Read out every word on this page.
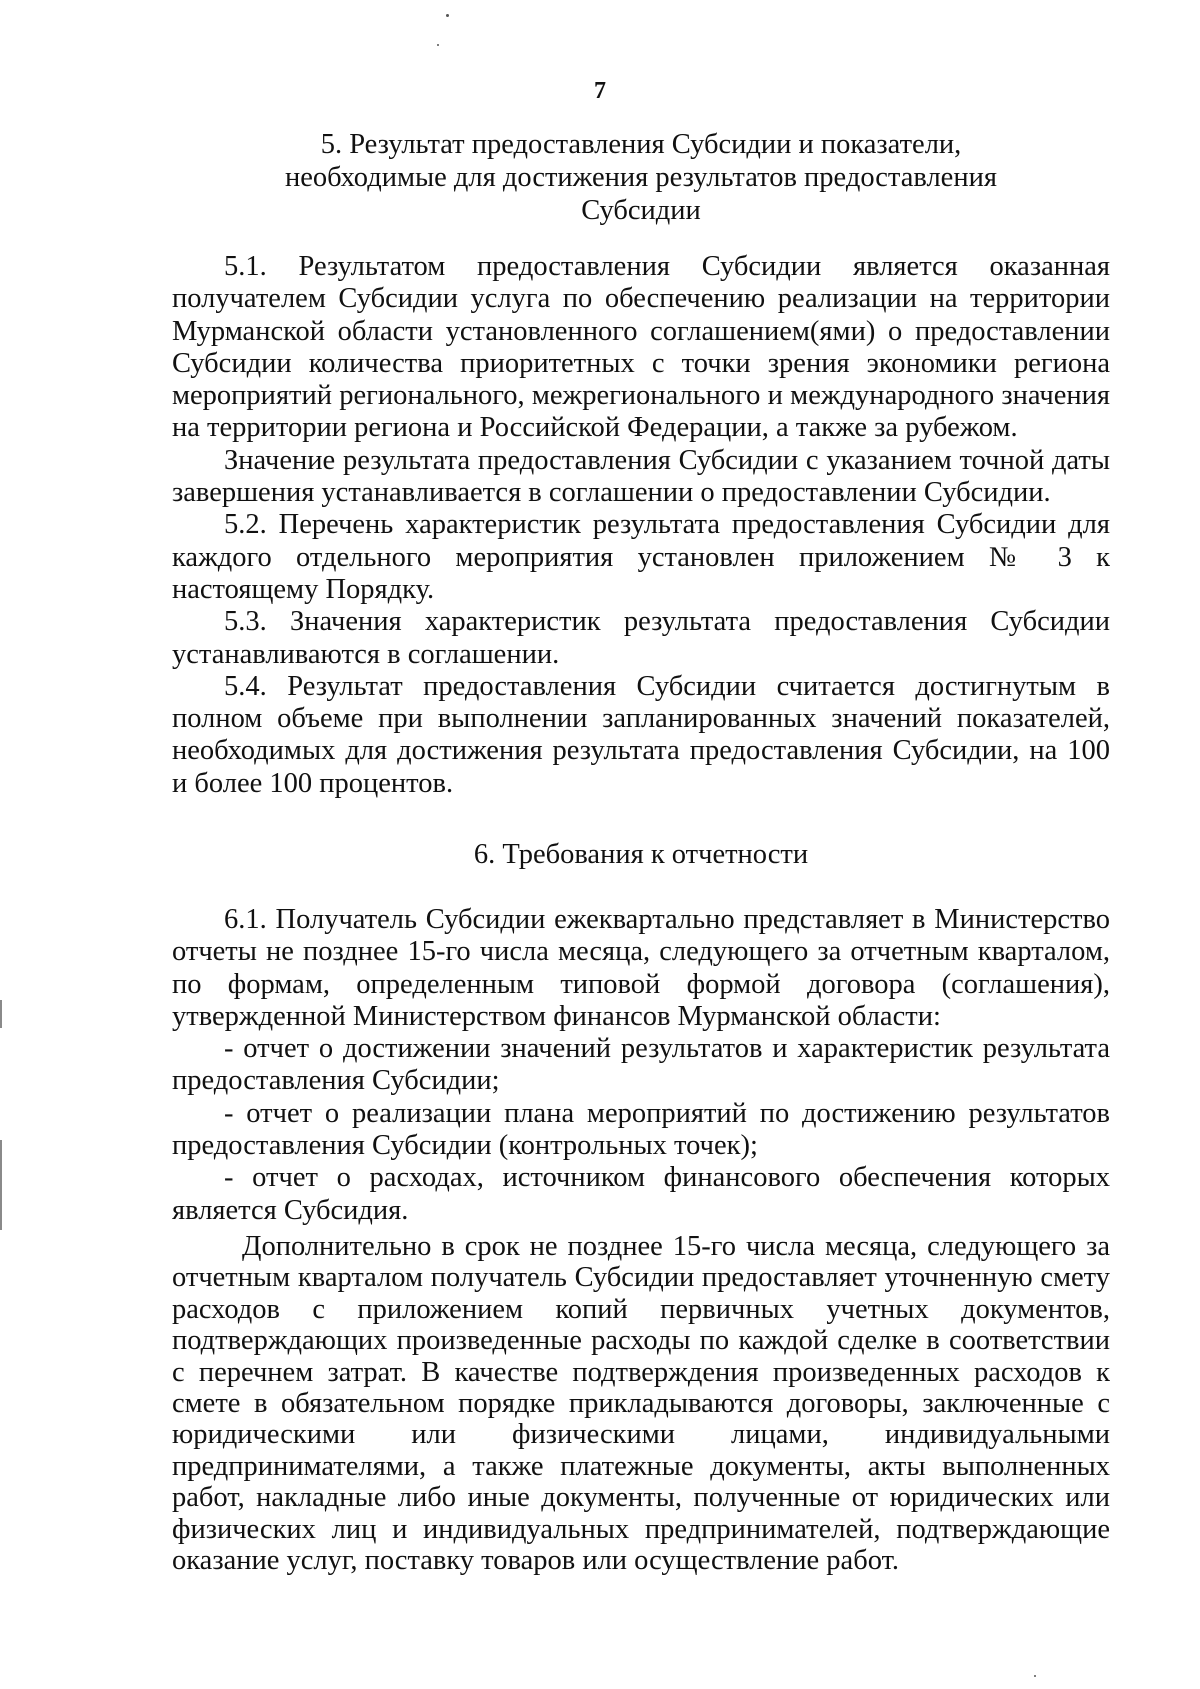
7
5. Результат предоставления Субсидии и показатели,
необходимые для достижения результатов предоставления
Субсидии

5.1. Результатом предоставления Субсидии является оказанная получателем Субсидии услуга по обеспечению реализации на территории Мурманской области установленного соглашением(ями) о предоставлении Субсидии количества приоритетных с точки зрения экономики региона мероприятий регионального, межрегионального и международного значения на территории региона и Российской Федерации, а также за рубежом.

Значение результата предоставления Субсидии с указанием точной даты завершения устанавливается в соглашении о предоставлении Субсидии.

5.2. Перечень характеристик результата предоставления Субсидии для каждого отдельного мероприятия установлен приложением № 3 к настоящему Порядку.

5.3. Значения характеристик результата предоставления Субсидии устанавливаются в соглашении.

5.4. Результат предоставления Субсидии считается достигнутым в полном объеме при выполнении запланированных значений показателей, необходимых для достижения результата предоставления Субсидии, на 100 и более 100 процентов.

6. Требования к отчетности

6.1. Получатель Субсидии ежеквартально представляет в Министерство отчеты не позднее 15-го числа месяца, следующего за отчетным кварталом, по формам, определенным типовой формой договора (соглашения), утвержденной Министерством финансов Мурманской области:

- отчет о достижении значений результатов и характеристик результата предоставления Субсидии;

- отчет о реализации плана мероприятий по достижению результатов предоставления Субсидии (контрольных точек);

- отчет о расходах, источником финансового обеспечения которых является Субсидия.

Дополнительно в срок не позднее 15-го числа месяца, следующего за отчетным кварталом получатель Субсидии предоставляет уточненную смету расходов с приложением копий первичных учетных документов, подтверждающих произведенные расходы по каждой сделке в соответствии с перечнем затрат. В качестве подтверждения произведенных расходов к смете в обязательном порядке прикладываются договоры, заключенные с юридическими или физическими лицами, индивидуальными предпринимателями, а также платежные документы, акты выполненных работ, накладные либо иные документы, полученные от юридических или физических лиц и индивидуальных предпринимателей, подтверждающие оказание услуг, поставку товаров или осуществление работ.
